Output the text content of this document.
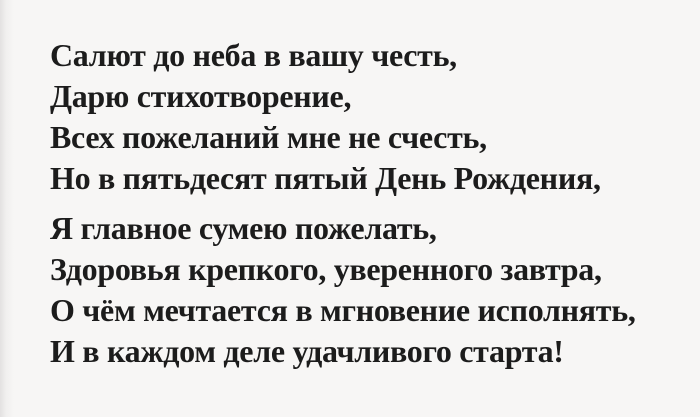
Салют до неба в вашу честь,

Дарю стихотворение,

Всех пожеланий мне не счесть,

Но в пятьдесят пятый День Рождения,

Я главное сумею пожелать,

Здоровья крепкого, уверенного завтра,

О чём мечтается в мгновение исполнять,

И в каждом деле удачливого старта!
